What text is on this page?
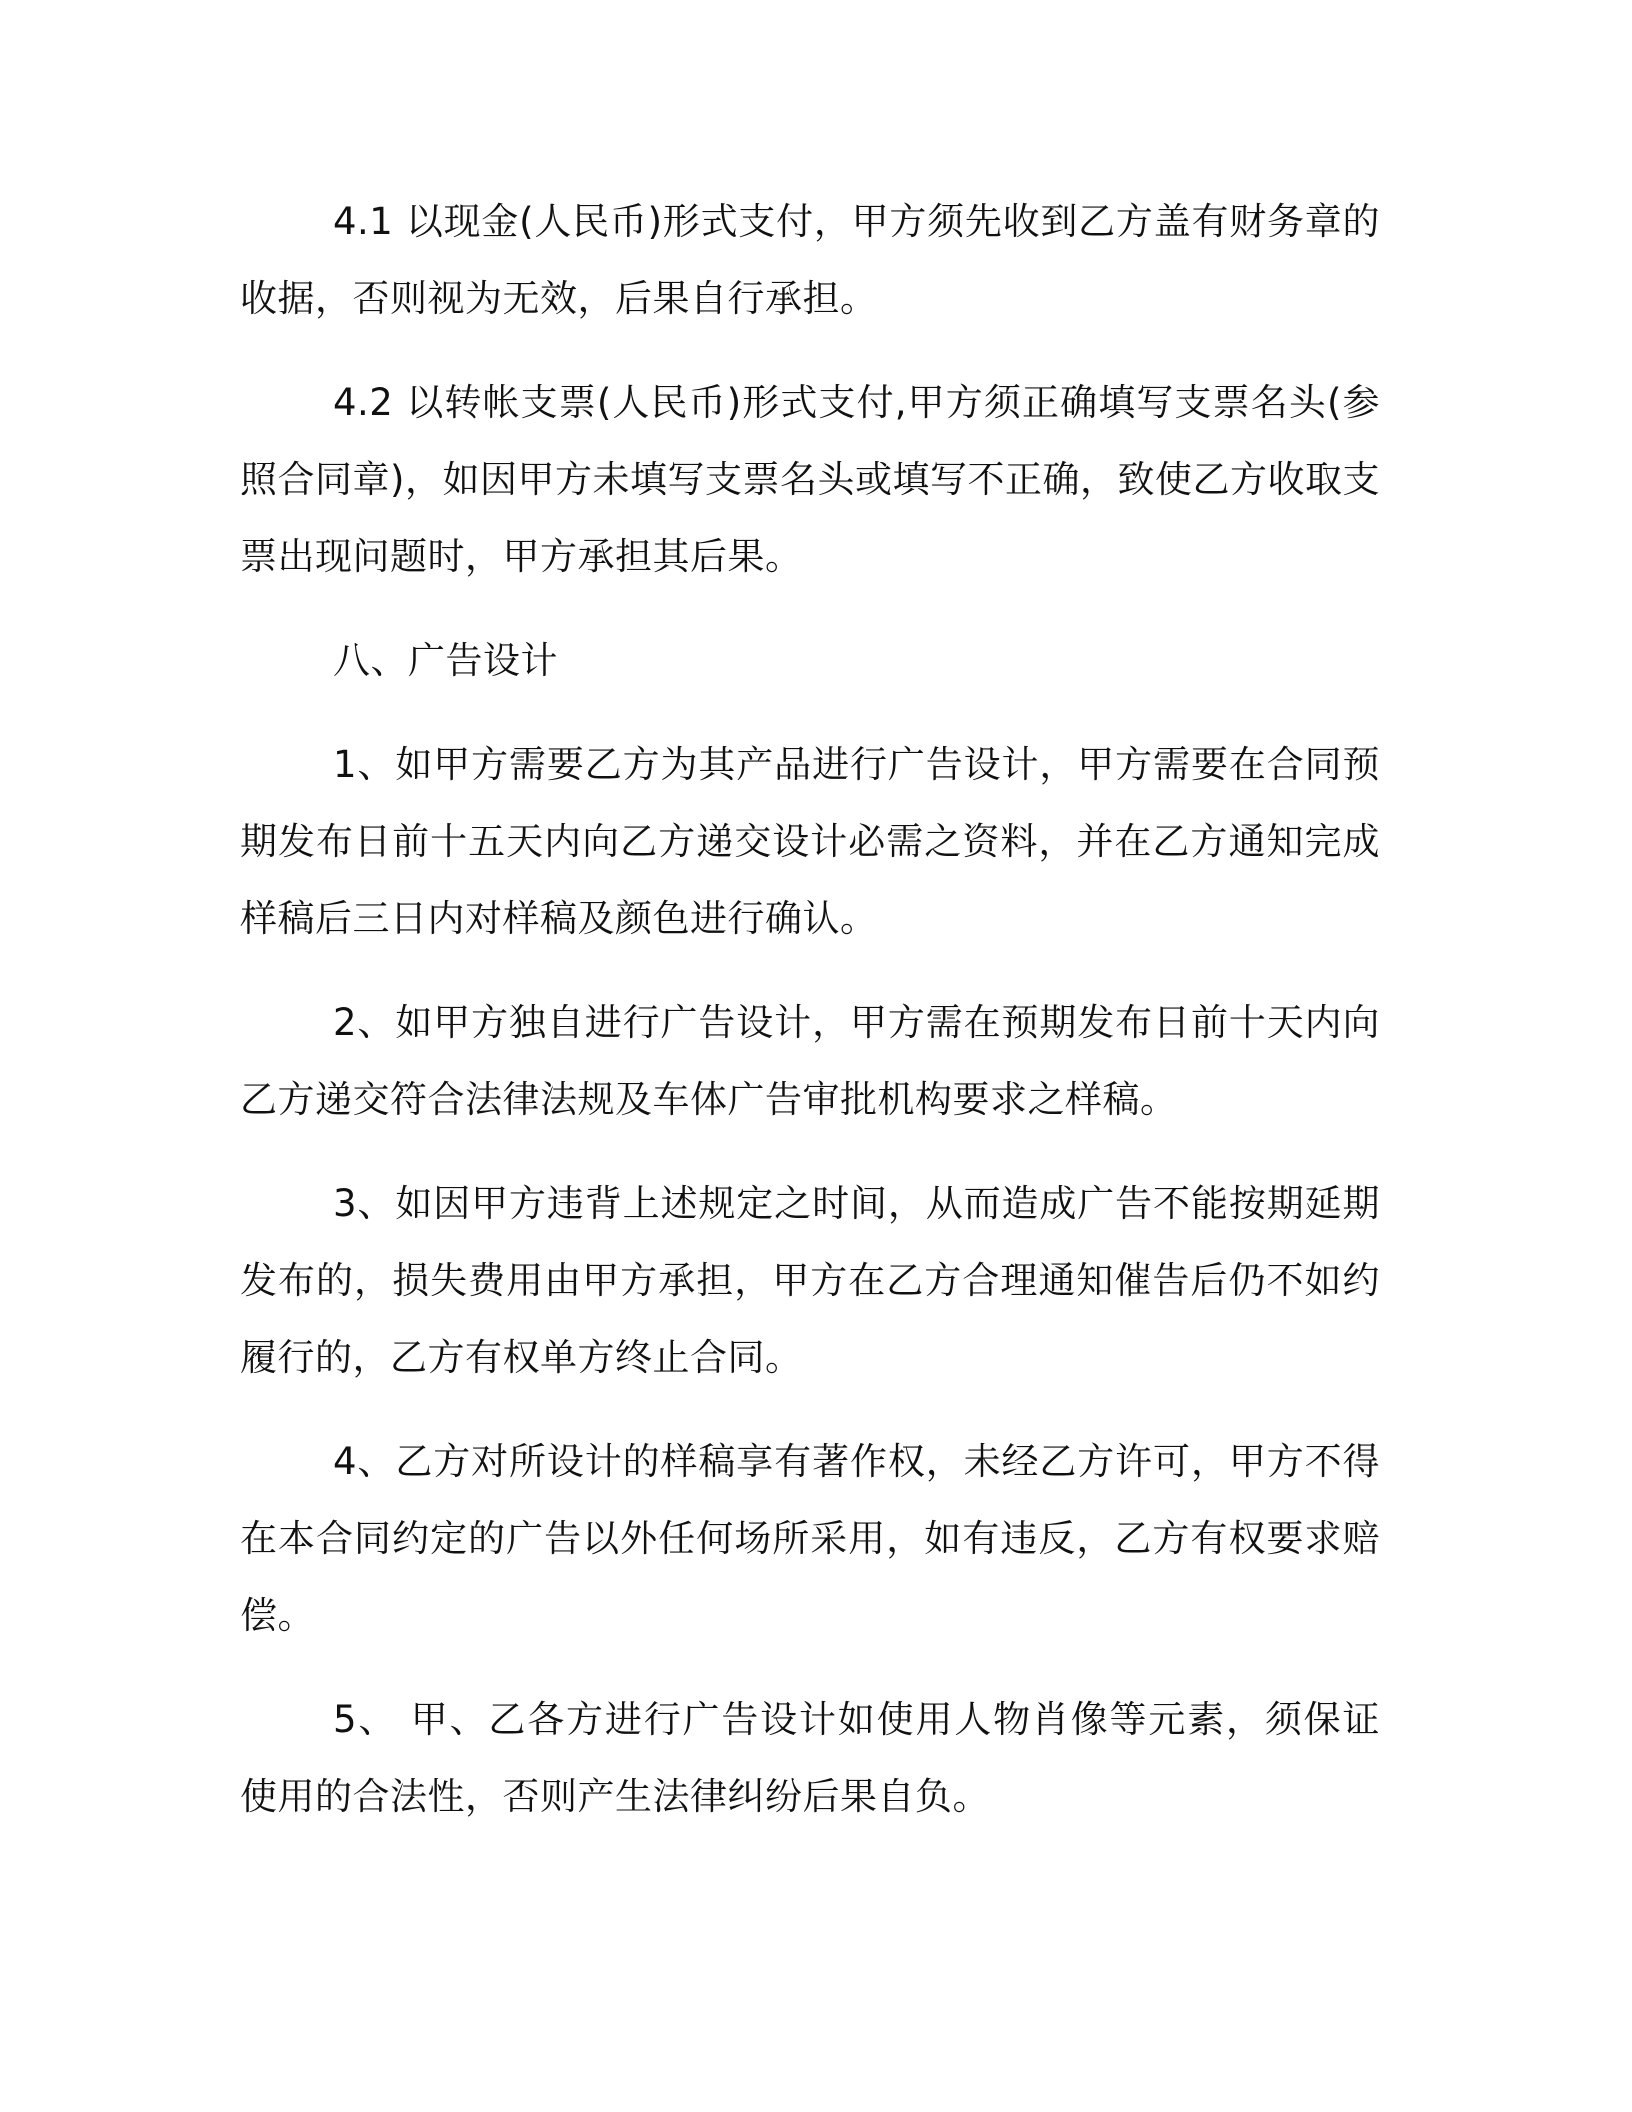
4.1 以现金(人民币)形式支付，甲方须先收到乙方盖有财务章的收据，否则视为无效，后果自行承担。

4.2 以转帐支票(人民币)形式支付,甲方须正确填写支票名头(参照合同章)，如因甲方未填写支票名头或填写不正确，致使乙方收取支票出现问题时，甲方承担其后果。

八、广告设计

1、如甲方需要乙方为其产品进行广告设计，甲方需要在合同预期发布日前十五天内向乙方递交设计必需之资料，并在乙方通知完成样稿后三日内对样稿及颜色进行确认。

2、如甲方独自进行广告设计，甲方需在预期发布日前十天内向乙方递交符合法律法规及车体广告审批机构要求之样稿。

3、如因甲方违背上述规定之时间，从而造成广告不能按期延期发布的，损失费用由甲方承担，甲方在乙方合理通知催告后仍不如约履行的，乙方有权单方终止合同。

4、乙方对所设计的样稿享有著作权，未经乙方许可，甲方不得在本合同约定的广告以外任何场所采用，如有违反，乙方有权要求赔偿。

5、 甲、乙各方进行广告设计如使用人物肖像等元素，须保证使用的合法性，否则产生法律纠纷后果自负。
